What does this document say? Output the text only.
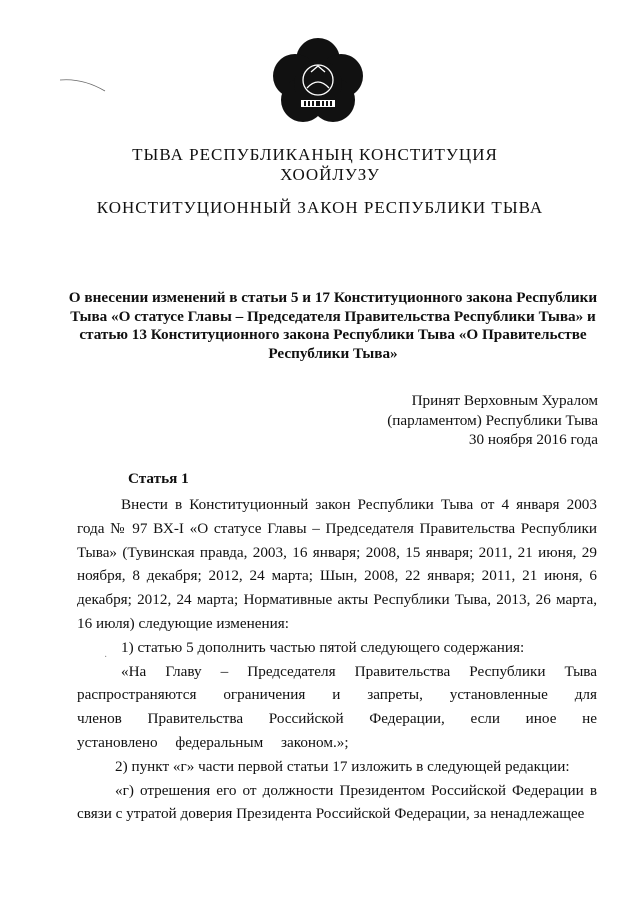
ТЫВА РЕСПУБЛИКАНЫҢ КОНСТИТУЦИЯ
ХООЙЛУЗУ
КОНСТИТУЦИОННЫЙ ЗАКОН РЕСПУБЛИКИ ТЫВА
О внесении изменений в статьи 5 и 17 Конституционного закона Республики Тыва «О статусе Главы – Председателя Правительства Республики Тыва» и статью 13 Конституционного закона Республики Тыва «О Правительстве Республики Тыва»
Принят Верховным Хуралом
(парламентом) Республики Тыва
30 ноября 2016 года
Статья 1

Внести в Конституционный закон Республики Тыва от 4 января 2003 года № 97 ВХ-I «О статусе Главы – Председателя Правительства Республики Тыва» (Тувинская правда, 2003, 16 января; 2008, 15 января; 2011, 21 июня, 29 ноября, 8 декабря; 2012, 24 марта; Шын, 2008, 22 января; 2011, 21 июня, 6 декабря; 2012, 24 марта; Нормативные акты Республики Тыва, 2013, 26 марта, 16 июля) следующие изменения:

1) статью 5 дополнить частью пятой следующего содержания:

«На Главу – Председателя Правительства Республики Тыва распространяются ограничения и запреты, установленные для членов Правительства Российской Федерации, если иное не установлено федеральным законом.»;

2) пункт «г» части первой статьи 17 изложить в следующей редакции:

«г) отрешения его от должности Президентом Российской Федерации в связи с утратой доверия Президента Российской Федерации, за ненадлежащее

·
